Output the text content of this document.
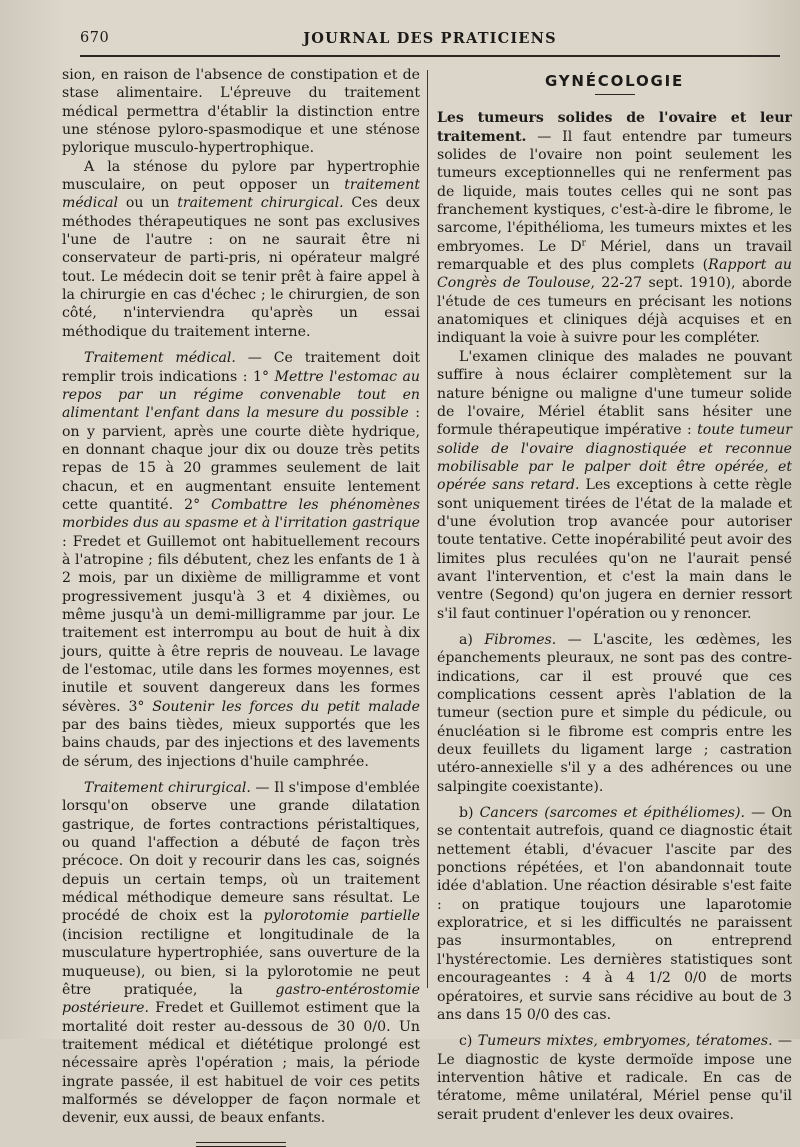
670	JOURNAL DES PRATICIENS

sion, en raison de l'absence de constipation et de stase alimentaire. L'épreuve du traitement médical permettra d'établir la distinction entre une sténose pyloro-spasmodique et une sténose pylorique musculo-hypertrophique.

A la sténose du pylore par hypertrophie musculaire, on peut opposer un traitement médical ou un traitement chirurgical. Ces deux méthodes thérapeutiques ne sont pas exclusives l'une de l'autre : on ne saurait être ni conservateur de parti-pris, ni opérateur malgré tout. Le médecin doit se tenir prêt à faire appel à la chirurgie en cas d'échec ; le chirurgien, de son côté, n'interviendra qu'après un essai méthodique du traitement interne.

Traitement médical. — Ce traitement doit remplir trois indications : 1° Mettre l'estomac au repos par un régime convenable tout en alimentant l'enfant dans la mesure du possible : on y parvient, après une courte diète hydrique, en donnant chaque jour dix ou douze très petits repas de 15 à 20 grammes seulement de lait chacun, et en augmentant ensuite lentement cette quantité. 2° Combattre les phénomènes morbides dus au spasme et à l'irritation gastrique : Fredet et Guillemot ont habituellement recours à l'atropine ; fils débutent, chez les enfants de 1 à 2 mois, par un dixième de milligramme et vont progressivement jusqu'à 3 et 4 dixièmes, ou même jusqu'à un demi-milligramme par jour. Le traitement est interrompu au bout de huit à dix jours, quitte à être repris de nouveau. Le lavage de l'estomac, utile dans les formes moyennes, est inutile et souvent dangereux dans les formes sévères. 3° Soutenir les forces du petit malade par des bains tièdes, mieux supportés que les bains chauds, par des injections et des lavements de sérum, des injections d'huile camphrée.

Traitement chirurgical. — Il s'impose d'emblée lorsqu'on observe une grande dilatation gastrique, de fortes contractions péristaltiques, ou quand l'affection a débuté de façon très précoce. On doit y recourir dans les cas, soignés depuis un certain temps, où un traitement médical méthodique demeure sans résultat. Le procédé de choix est la pylorotomie partielle (incision rectiligne et longitudinale de la musculature hypertrophiée, sans ouverture de la muqueuse), ou bien, si la pylorotomie ne peut être pratiquée, la gastro-entérostomie postérieure. Fredet et Guillemot estiment que la mortalité doit rester au-dessous de 30 0/0. Un traitement médical et diététique prolongé est nécessaire après l'opération ; mais, la période ingrate passée, il est habituel de voir ces petits malformés se développer de façon normale et devenir, eux aussi, de beaux enfants.

GYNÉCOLOGIE

Les tumeurs solides de l'ovaire et leur traitement. — Il faut entendre par tumeurs solides de l'ovaire non point seulement les tumeurs exceptionnelles qui ne renferment pas de liquide, mais toutes celles qui ne sont pas franchement kystiques, c'est-à-dire le fibrome, le sarcome, l'épithélioma, les tumeurs mixtes et les embryomes. Le $D^r$ Mériel, dans un travail remarquable et des plus complets (Rapport au Congrès de Toulouse, 22-27 sept. 1910), aborde l'étude de ces tumeurs en précisant les notions anatomiques et cliniques déjà acquises et en indiquant la voie à suivre pour les compléter.

L'examen clinique des malades ne pouvant suffire à nous éclairer complètement sur la nature bénigne ou maligne d'une tumeur solide de l'ovaire, Mériel établit sans hésiter une formule thérapeutique impérative : toute tumeur solide de l'ovaire diagnostiquée et reconnue mobilisable par le palper doit être opérée, et opérée sans retard. Les exceptions à cette règle sont uniquement tirées de l'état de la malade et d'une évolution trop avancée pour autoriser toute tentative. Cette inopérabilité peut avoir des limites plus reculées qu'on ne l'aurait pensé avant l'intervention, et c'est la main dans le ventre (Segond) qu'on jugera en dernier ressort s'il faut continuer l'opération ou y renoncer.

a) Fibromes. — L'ascite, les œdèmes, les épanchements pleuraux, ne sont pas des contre-indications, car il est prouvé que ces complications cessent après l'ablation de la tumeur (section pure et simple du pédicule, ou énucléation si le fibrome est compris entre les deux feuillets du ligament large ; castration utéro-annexielle s'il y a des adhérences ou une salpingite coexistante).

b) Cancers (sarcomes et épithéliomes). — On se contentait autrefois, quand ce diagnostic était nettement établi, d'évacuer l'ascite par des ponctions répétées, et l'on abandonnait toute idée d'ablation. Une réaction désirable s'est faite : on pratique toujours une laparotomie exploratrice, et si les difficultés ne paraissent pas insurmontables, on entreprend l'hystérectomie. Les dernières statistiques sont encourageantes : 4 à 4 1/2 0/0 de morts opératoires, et survie sans récidive au bout de 3 ans dans 15 0/0 des cas.

c) Tumeurs mixtes, embryomes, tératomes. — Le diagnostic de kyste dermoïde impose une intervention hâtive et radicale. En cas de tératome, même unilatéral, Mériel pense qu'il serait prudent d'enlever les deux ovaires.
